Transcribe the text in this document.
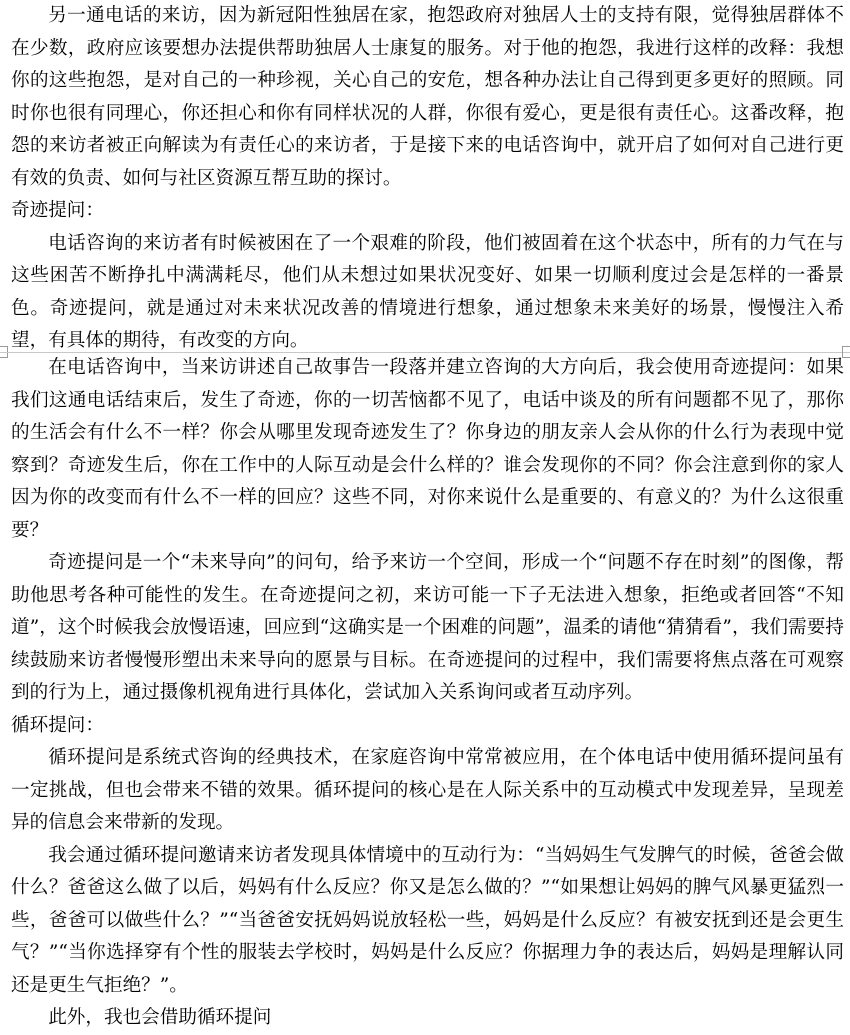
另一通电话的来访，因为新冠阳性独居在家，抱怨政府对独居人士的支持有限，觉得独居群体不在少数，政府应该要想办法提供帮助独居人士康复的服务。对于他的抱怨，我进行这样的改释：我想你的这些抱怨，是对自己的一种珍视，关心自己的安危，想各种办法让自己得到更多更好的照顾。同时你也很有同理心，你还担心和你有同样状况的人群，你很有爱心，更是很有责任心。这番改释，抱怨的来访者被正向解读为有责任心的来访者，于是接下来的电话咨询中，就开启了如何对自己进行更有效的负责、如何与社区资源互帮互助的探讨。

奇迹提问：

电话咨询的来访者有时候被困在了一个艰难的阶段，他们被固着在这个状态中，所有的力气在与这些困苦不断挣扎中满满耗尽，他们从未想过如果状况变好、如果一切顺利度过会是怎样的一番景色。奇迹提问，就是通过对未来状况改善的情境进行想象，通过想象未来美好的场景，慢慢注入希望，有具体的期待，有改变的方向。

在电话咨询中，当来访讲述自己故事告一段落并建立咨询的大方向后，我会使用奇迹提问：如果我们这通电话结束后，发生了奇迹，你的一切苦恼都不见了，电话中谈及的所有问题都不见了，那你的生活会有什么不一样？你会从哪里发现奇迹发生了？你身边的朋友亲人会从你的什么行为表现中觉察到？奇迹发生后，你在工作中的人际互动是会什么样的？谁会发现你的不同？你会注意到你的家人因为你的改变而有什么不一样的回应？这些不同，对你来说什么是重要的、有意义的？为什么这很重要？

奇迹提问是一个“未来导向”的问句，给予来访一个空间，形成一个“问题不存在时刻”的图像，帮助他思考各种可能性的发生。在奇迹提问之初，来访可能一下子无法进入想象，拒绝或者回答“不知道”，这个时候我会放慢语速，回应到“这确实是一个困难的问题”，温柔的请他“猜猜看”，我们需要持续鼓励来访者慢慢形塑出未来导向的愿景与目标。在奇迹提问的过程中，我们需要将焦点落在可观察到的行为上，通过摄像机视角进行具体化，尝试加入关系询问或者互动序列。

循环提问：

循环提问是系统式咨询的经典技术，在家庭咨询中常常被应用，在个体电话中使用循环提问虽有一定挑战，但也会带来不错的效果。循环提问的核心是在人际关系中的互动模式中发现差异，呈现差异的信息会来带新的发现。

我会通过循环提问邀请来访者发现具体情境中的互动行为：“当妈妈生气发脾气的时候，爸爸会做什么？爸爸这么做了以后，妈妈有什么反应？你又是怎么做的？”“如果想让妈妈的脾气风暴更猛烈一些，爸爸可以做些什么？”“当爸爸安抚妈妈说放轻松一些，妈妈是什么反应？有被安抚到还是会更生气？”“当你选择穿有个性的服装去学校时，妈妈是什么反应？你据理力争的表达后，妈妈是理解认同还是更生气拒绝？”。

此外，我也会借助循环提问
